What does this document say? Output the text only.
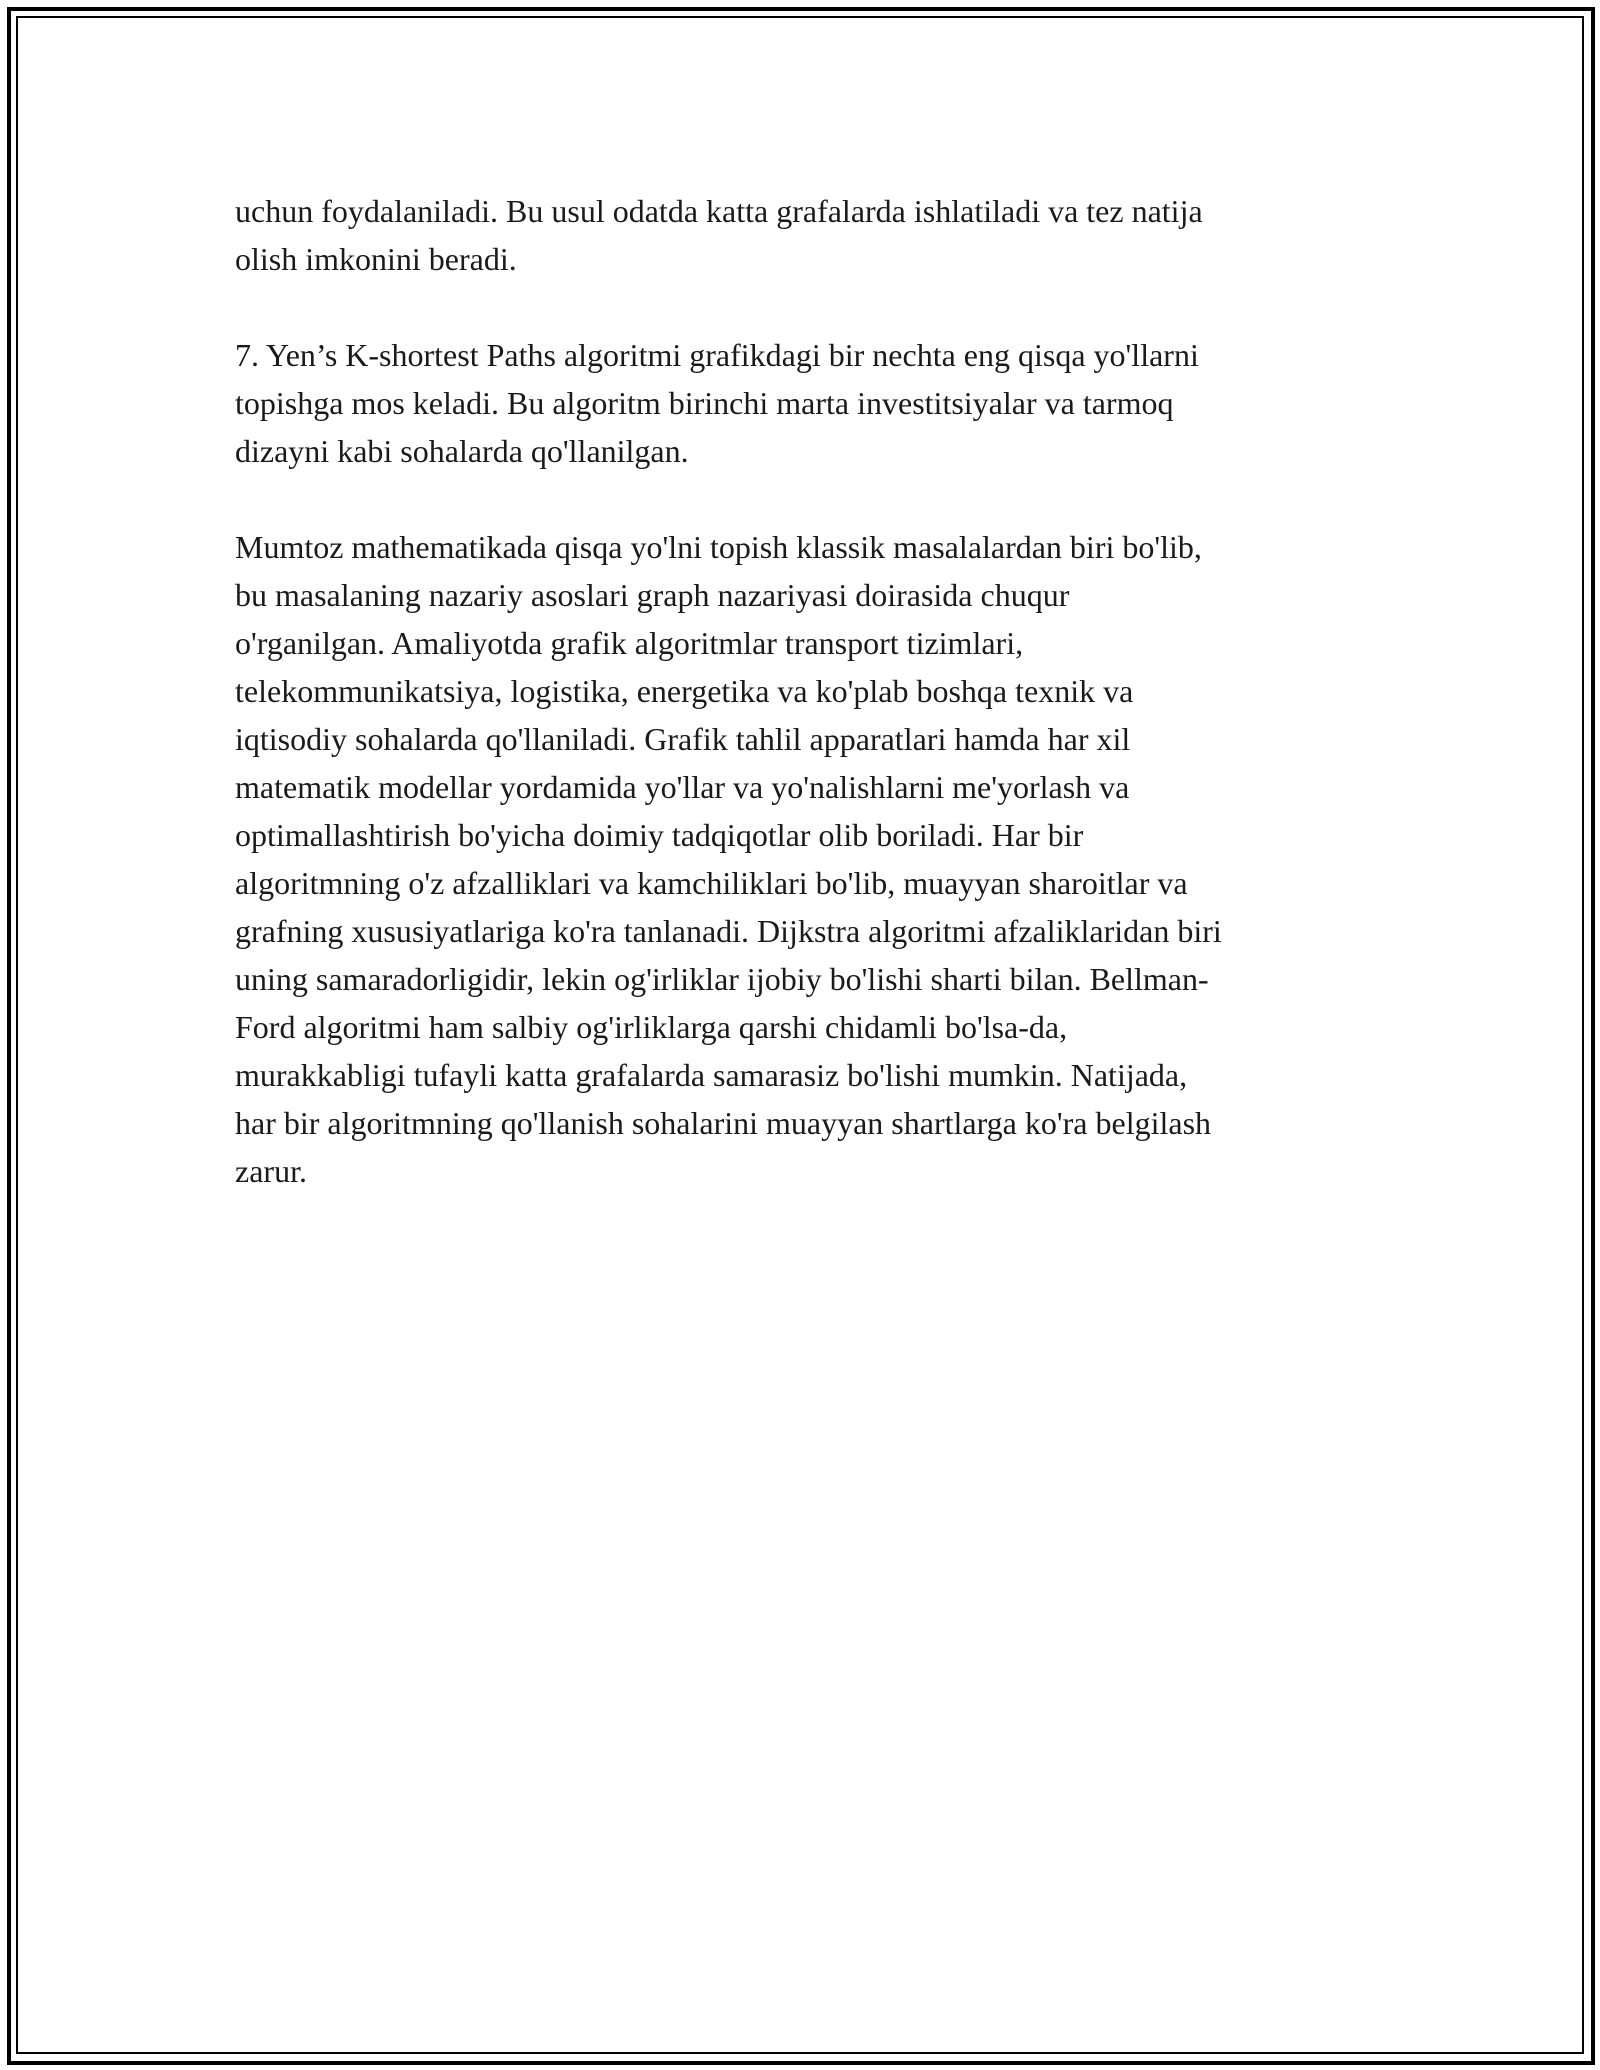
uchun foydalaniladi. Bu usul odatda katta grafalarda ishlatiladi va tez natija
olish imkonini beradi.

7. Yen’s K-shortest Paths algoritmi grafikdagi bir nechta eng qisqa yo'llarni
topishga mos keladi. Bu algoritm birinchi marta investitsiyalar va tarmoq
dizayni kabi sohalarda qo'llanilgan.

Mumtoz mathematikada qisqa yo'lni topish klassik masalalardan biri bo'lib,
bu masalaning nazariy asoslari graph nazariyasi doirasida chuqur
o'rganilgan. Amaliyotda grafik algoritmlar transport tizimlari,
telekommunikatsiya, logistika, energetika va ko'plab boshqa texnik va
iqtisodiy sohalarda qo'llaniladi. Grafik tahlil apparatlari hamda har xil
matematik modellar yordamida yo'llar va yo'nalishlarni me'yorlash va
optimallashtirish bo'yicha doimiy tadqiqotlar olib boriladi. Har bir
algoritmning o'z afzalliklari va kamchiliklari bo'lib, muayyan sharoitlar va
grafning xususiyatlariga ko'ra tanlanadi. Dijkstra algoritmi afzaliklaridan biri
uning samaradorligidir, lekin og'irliklar ijobiy bo'lishi sharti bilan. Bellman-
Ford algoritmi ham salbiy og'irliklarga qarshi chidamli bo'lsa-da,
murakkabligi tufayli katta grafalarda samarasiz bo'lishi mumkin. Natijada,
har bir algoritmning qo'llanish sohalarini muayyan shartlarga ko'ra belgilash
zarur.
